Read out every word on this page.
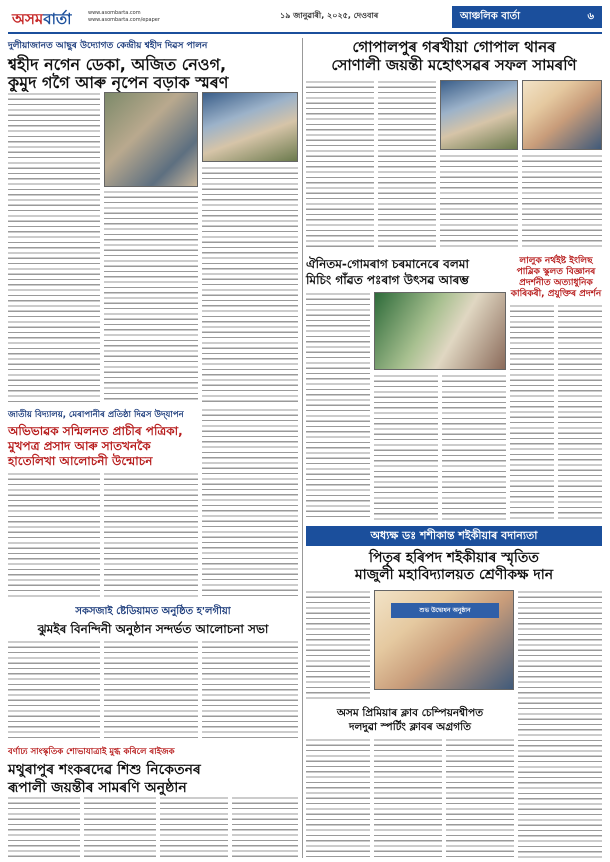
অসমবার্তা	www.asombarta.com
www.asombarta.com/epaper	১৯ জানুৱাৰী, ২০২৫, দেওবাৰ	আঞ্চলিক বাৰ্তা	৬
দুলীয়াজানত আছুৰ উদ্যোগত কেন্দ্ৰীয় শ্বহীদ দিৱস পালন
শ্বহীদ নগেন ডেকা, অজিত নেওগ,
কুমুদ গগৈ আৰু নৃপেন বড়াক স্মৰণ
জাতীয় বিদ্যালয়, মেৰাপানীৰ প্ৰতিষ্ঠা দিৱস উদ্‌যাপন
অভিভাৱক সন্মিলনত প্ৰাচীৰ পত্ৰিকা,
মুখপত্ৰ প্ৰসাদ আৰু সাতখনকৈ
হাতেলিখা আলোচনী উন্মোচন
সকসজাই ষ্টেডিয়ামত অনুষ্ঠিত হ'লগীয়া
ঝুমইৰ বিনন্দিনী অনুষ্ঠান সন্দৰ্ভত আলোচনা সভা
বৰ্ণাঢ্য সাংস্কৃতিক শোভাযাত্ৰাই মুগ্ধ কৰিলে ৰাইজক
মথুৰাপুৰ শংকৰদেৱ শিশু নিকেতনৰ
ৰূপালী জয়ন্তীৰ সামৰণি অনুষ্ঠান
গোপালপুৰ গৰখীয়া গোপাল থানৰ
সোণালী জয়ন্তী মহোৎসৱৰ সফল সামৰণি
ঐনিতম-গোমৰাগ চৰমানেৰে বলমা
মিচিং গাঁৱত পঃৰাগ উৎসৱ আৰম্ভ
লালুক নৰ্থইষ্ট ইংলিছ
পাব্লিক স্কুলত বিজ্ঞানৰ
প্ৰদৰ্শনীত অত্যাধুনিক
কাৰিকৰী, প্ৰযুক্তিৰ প্ৰদৰ্শন
অধ্যক্ষ ডঃ শশীকান্ত শইকীয়াৰ বদান্যতা
পিতৃৰ হৰিপদ শইকীয়াৰ স্মৃতিত
মাজুলী মহাবিদ্যালয়ত শ্ৰেণীকক্ষ দান
শুভ উদ্বোধন অনুষ্ঠান
অসম প্ৰিমিয়াৰ ক্লাব চেম্পিয়নশ্বীপত
দলদুৱা স্পৰ্টিং ক্লাবৰ অগ্ৰগতি
